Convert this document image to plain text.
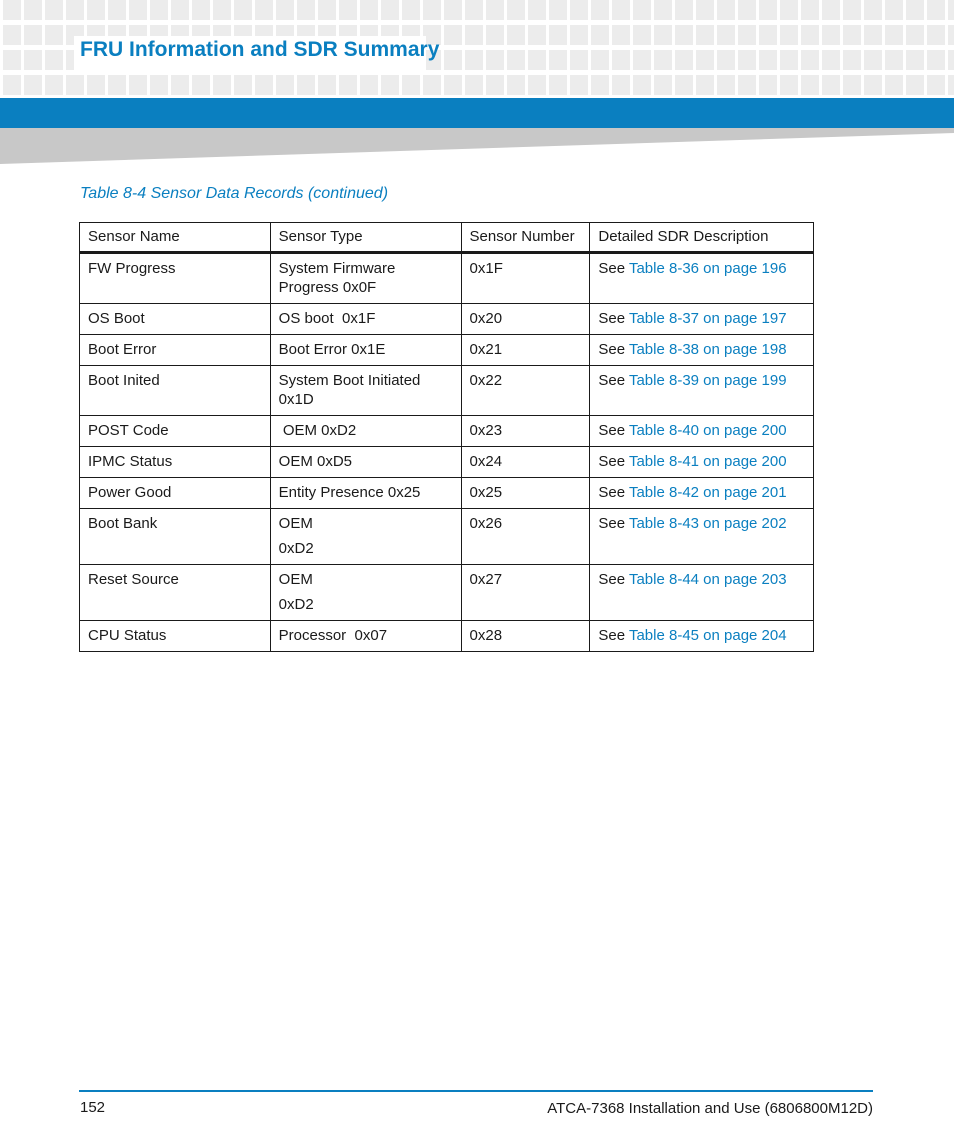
FRU Information and SDR Summary

Table 8-4 Sensor Data Records (continued)

Sensor Name	Sensor Type	Sensor Number	Detailed SDR Description
FW Progress	System Firmware
Progress 0x0F	0x1F	See Table 8-36 on page 196
OS Boot	OS boot  0x1F	0x20	See Table 8-37 on page 197
Boot Error	Boot Error 0x1E	0x21	See Table 8-38 on page 198
Boot Inited	System Boot Initiated
0x1D	0x22	See Table 8-39 on page 199
POST Code	OEM 0xD2	0x23	See Table 8-40 on page 200
IPMC Status	OEM 0xD5	0x24	See Table 8-41 on page 200
Power Good	Entity Presence 0x25	0x25	See Table 8-42 on page 201
Boot Bank	OEM
0xD2	0x26	See Table 8-43 on page 202
Reset Source	OEM
0xD2	0x27	See Table 8-44 on page 203
CPU Status	Processor  0x07	0x28	See Table 8-45 on page 204

152	ATCA-7368 Installation and Use (6806800M12D)
